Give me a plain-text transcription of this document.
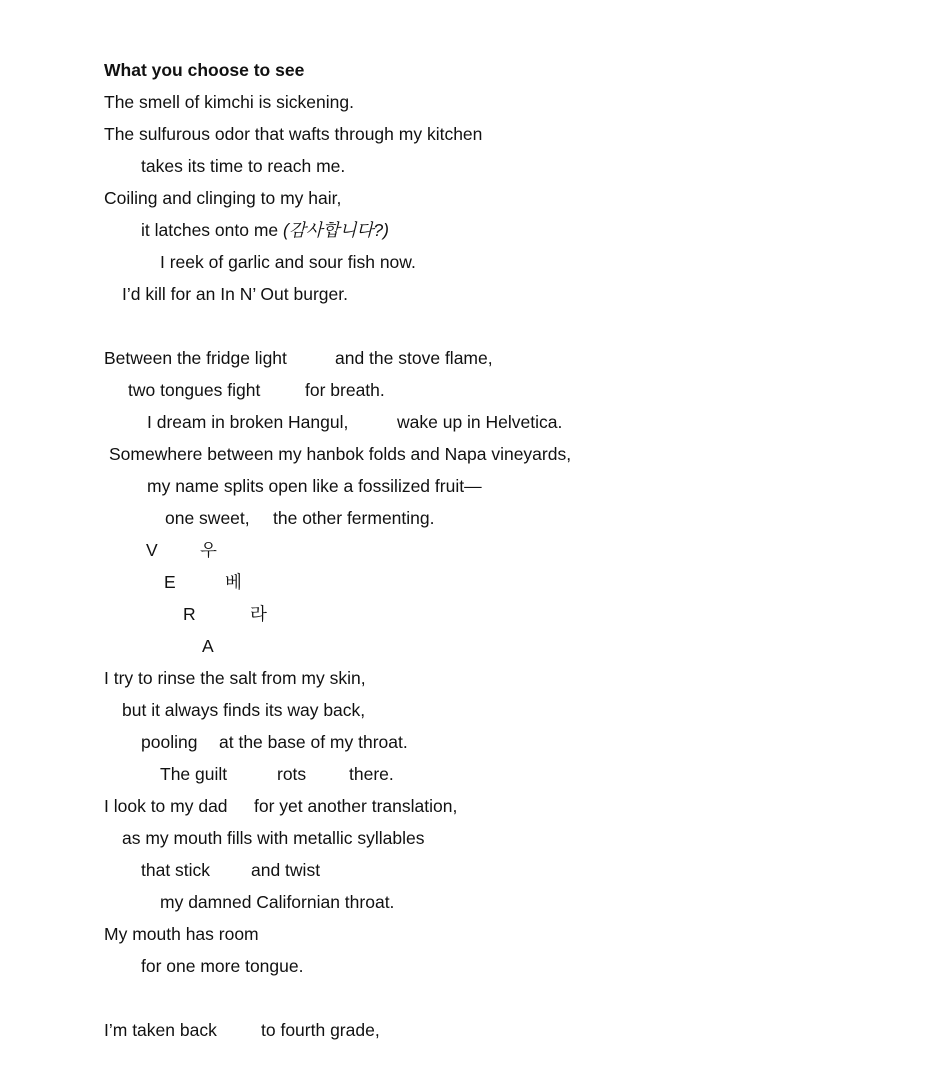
What you choose to see
The smell of kimchi is sickening.
The sulfurous odor that wafts through my kitchen
takes its time to reach me.
Coiling and clinging to my hair,
it latches onto me (감사합니다?)
I reek of garlic and sour fish now.
I’d kill for an In N’ Out burger.
Between the fridge light	and the stove flame,
two tongues fight	for breath.
I dream in broken Hangul,	wake up in Helvetica.
Somewhere between my hanbok folds and Napa vineyards,
my name splits open like a fossilized fruit—
one sweet, the other fermenting.
V 우
E	베
R	라
A
I try to rinse the salt from my skin,
but it always finds its way back,
pooling at the base of my throat.
The guilt	rots there.
I look to my dad for yet another translation,
as my mouth fills with metallic syllables
that stick and twist
my damned Californian throat.
My mouth has room
for one more tongue.
I’m taken back	to fourth grade,
